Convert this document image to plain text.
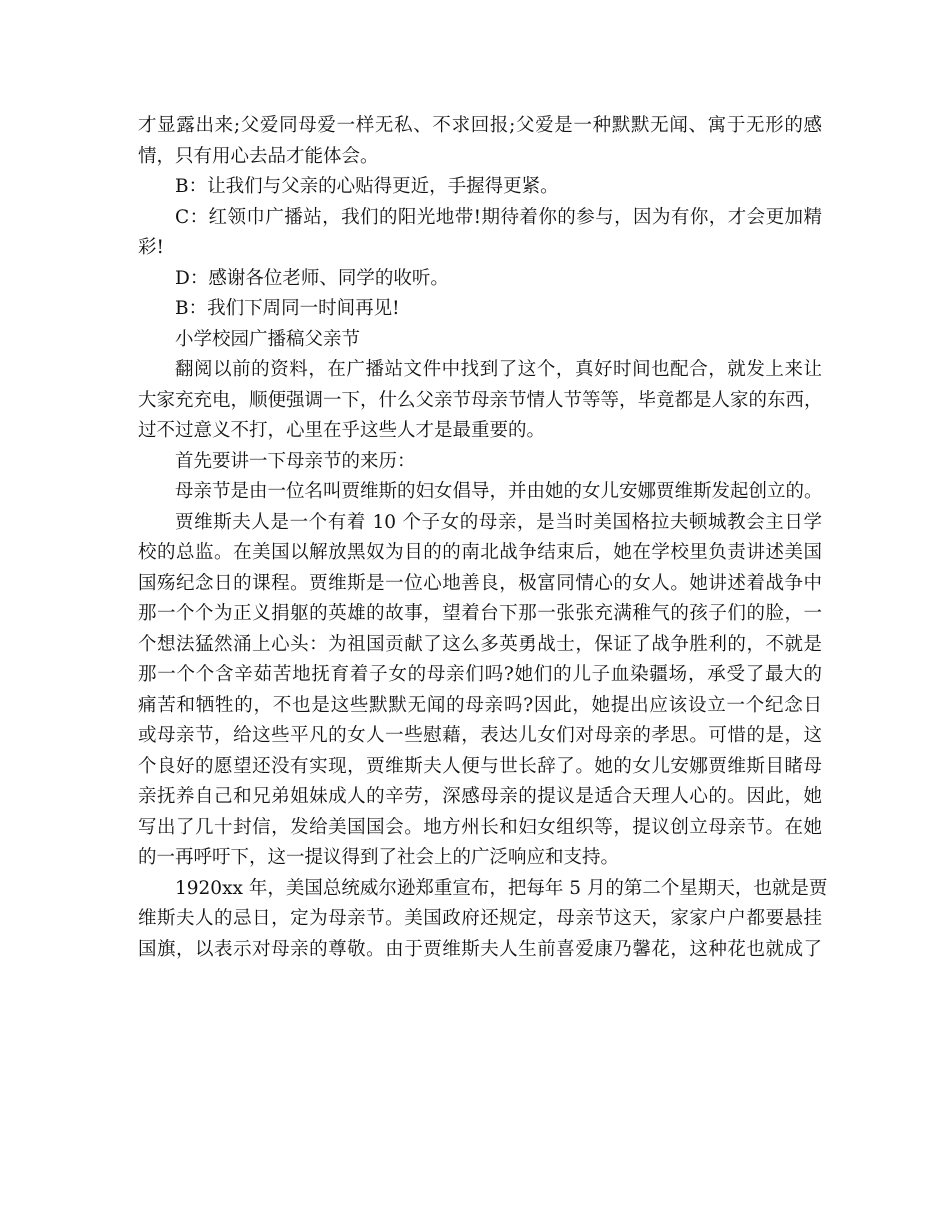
才显露出来;父爱同母爱一样无私、不求回报;父爱是一种默默无闻、寓于无形的感
情，只有用心去品才能体会。
B：让我们与父亲的心贴得更近，手握得更紧。
C：红领巾广播站，我们的阳光地带!期待着你的参与，因为有你，才会更加精
彩!
D：感谢各位老师、同学的收听。
B：我们下周同一时间再见!
小学校园广播稿父亲节
翻阅以前的资料，在广播站文件中找到了这个，真好时间也配合，就发上来让
大家充充电，顺便强调一下，什么父亲节母亲节情人节等等，毕竟都是人家的东西，
过不过意义不打，心里在乎这些人才是最重要的。
首先要讲一下母亲节的来历：
母亲节是由一位名叫贾维斯的妇女倡导，并由她的女儿安娜贾维斯发起创立的。
贾维斯夫人是一个有着 10 个子女的母亲，是当时美国格拉夫顿城教会主日学
校的总监。在美国以解放黑奴为目的的南北战争结束后，她在学校里负责讲述美国
国殇纪念日的课程。贾维斯是一位心地善良，极富同情心的女人。她讲述着战争中
那一个个为正义捐躯的英雄的故事，望着台下那一张张充满稚气的孩子们的脸，一
个想法猛然涌上心头：为祖国贡献了这么多英勇战士，保证了战争胜利的，不就是
那一个个含辛茹苦地抚育着子女的母亲们吗?她们的儿子血染疆场，承受了最大的
痛苦和牺牲的，不也是这些默默无闻的母亲吗?因此，她提出应该设立一个纪念日
或母亲节，给这些平凡的女人一些慰藉，表达儿女们对母亲的孝思。可惜的是，这
个良好的愿望还没有实现，贾维斯夫人便与世长辞了。她的女儿安娜贾维斯目睹母
亲抚养自己和兄弟姐妹成人的辛劳，深感母亲的提议是适合天理人心的。因此，她
写出了几十封信，发给美国国会。地方州长和妇女组织等，提议创立母亲节。在她
的一再呼吁下，这一提议得到了社会上的广泛响应和支持。
1920xx 年，美国总统威尔逊郑重宣布，把每年 5 月的第二个星期天，也就是贾
维斯夫人的忌日，定为母亲节。美国政府还规定，母亲节这天，家家户户都要悬挂
国旗，以表示对母亲的尊敬。由于贾维斯夫人生前喜爱康乃馨花，这种花也就成了
